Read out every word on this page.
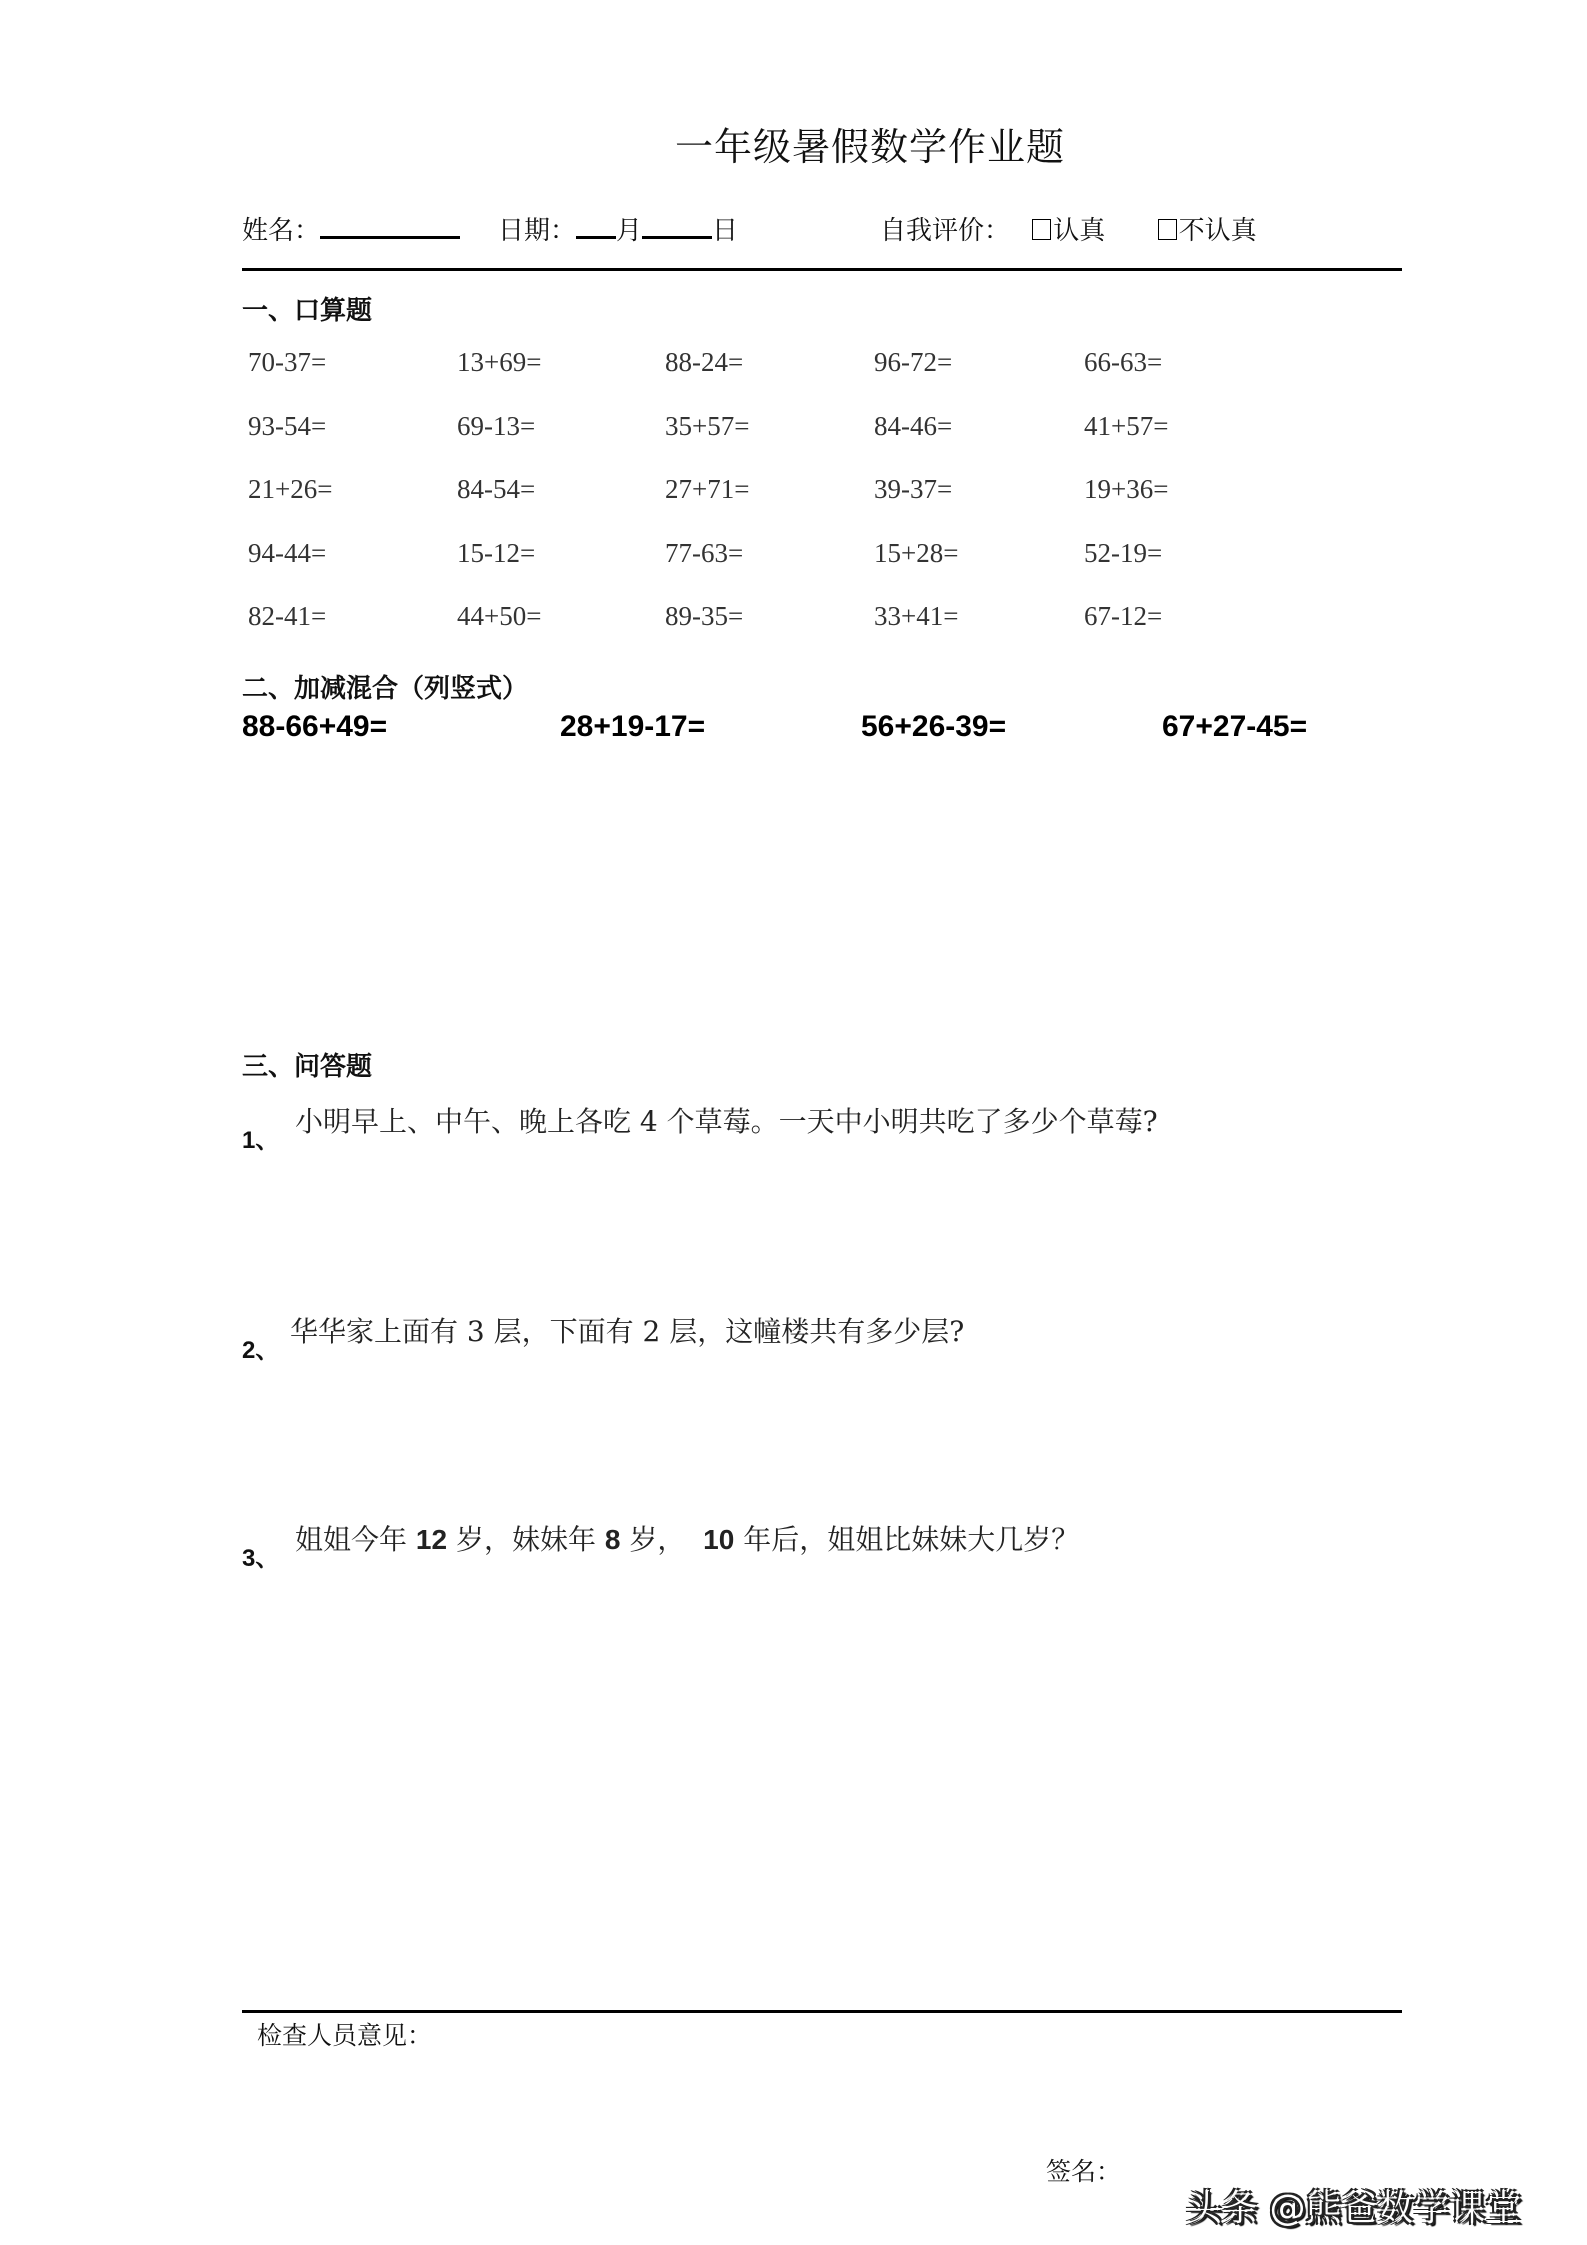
一年级暑假数学作业题
姓名：	日期： 月	日	自我评价： 认真	不认真
一、口算题
70-37=	13+69=	88-24=	96-72=	66-63=
93-54=	69-13=	35+57=	84-46=	41+57=
21+26=	84-54=	27+71=	39-37=	19+36=
94-44=	15-12=	77-63=	15+28=	52-19=
82-41=	44+50=	89-35=	33+41=	67-12=
二、加减混合（列竖式）
88-66+49=	28+19-17=	56+26-39=	67+27-45=
三、问答题
1、
小明早上、中午、晚上各吃 4 个草莓。一天中小明共吃了多少个草莓?
2、
华华家上面有 3 层，下面有 2 层，这幢楼共有多少层?
3、
姐姐今年 12 岁，妹妹年 8 岁，  10 年后，姐姐比妹妹大几岁？
检查人员意见：
签名：
头条 @熊爸数学课堂
